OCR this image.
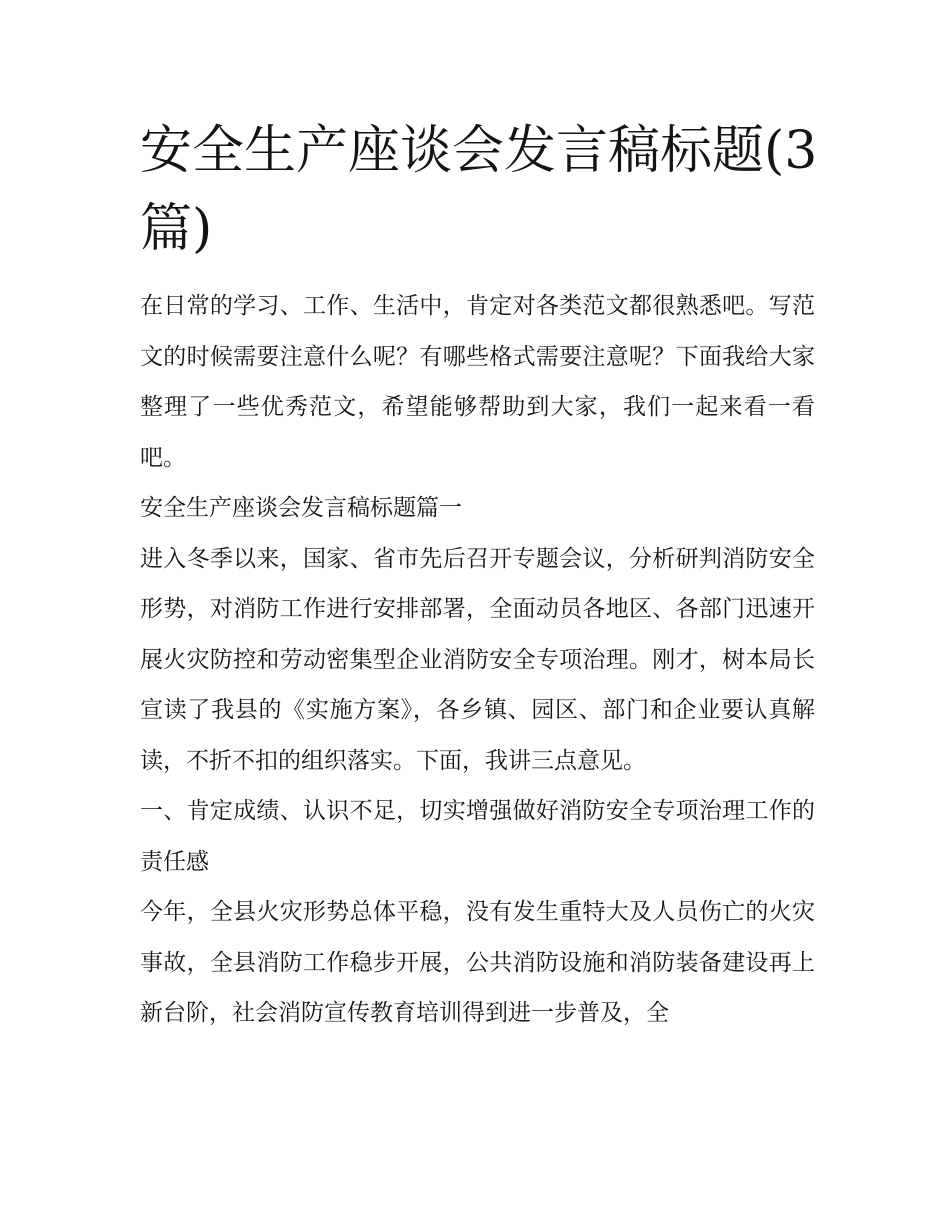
安全生产座谈会发言稿标题(3篇)

在日常的学习、工作、生活中，肯定对各类范文都很熟悉吧。写范文的时候需要注意什么呢？有哪些格式需要注意呢？下面我给大家整理了一些优秀范文，希望能够帮助到大家，我们一起来看一看吧。

安全生产座谈会发言稿标题篇一

进入冬季以来，国家、省市先后召开专题会议，分析研判消防安全形势，对消防工作进行安排部署，全面动员各地区、各部门迅速开展火灾防控和劳动密集型企业消防安全专项治理。刚才，树本局长宣读了我县的《实施方案》，各乡镇、园区、部门和企业要认真解读，不折不扣的组织落实。下面，我讲三点意见。

一、肯定成绩、认识不足，切实增强做好消防安全专项治理工作的责任感

今年，全县火灾形势总体平稳，没有发生重特大及人员伤亡的火灾事故，全县消防工作稳步开展，公共消防设施和消防装备建设再上新台阶，社会消防宣传教育培训得到进一步普及，全
